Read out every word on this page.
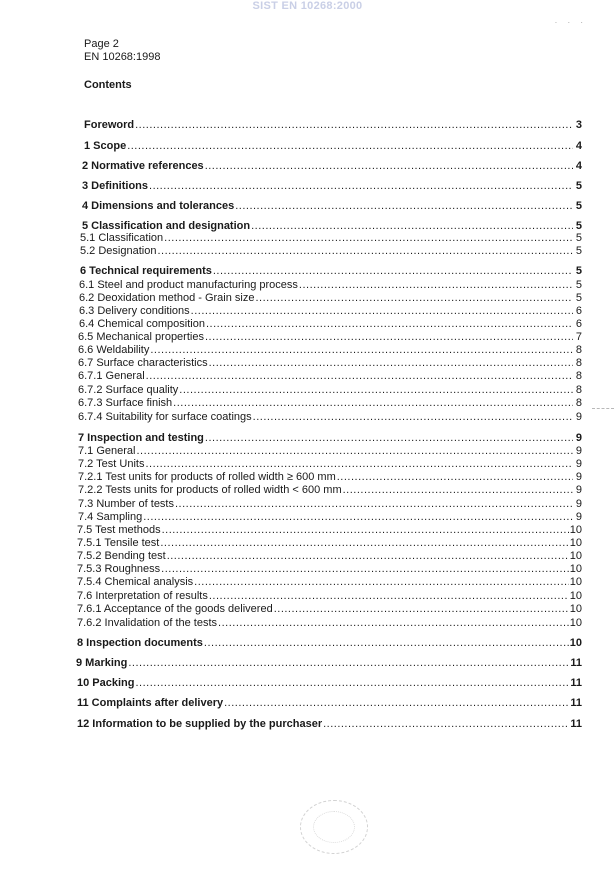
SIST EN 10268:2000
· · ·
Page 2
EN 10268:1998
Contents
Foreword .....	3
1 Scope .....	4
2 Normative references .....	4
3 Definitions .....	5
4 Dimensions and tolerances .....	5
5 Classification and designation .....	5
5.1 Classification .....	5
5.2 Designation .....	5
6 Technical requirements .....	5
6.1 Steel and product manufacturing process .....	5
6.2 Deoxidation method - Grain size .....	5
6.3 Delivery conditions .....	6
6.4 Chemical composition .....	6
6.5 Mechanical properties .....	7
6.6 Weldability .....	8
6.7 Surface characteristics .....	8
6.7.1 General .....	8
6.7.2 Surface quality .....	8
6.7.3 Surface finish .....	8
6.7.4 Suitability for surface coatings .....	9
7 Inspection and testing .....	9
7.1 General .....	9
7.2 Test Units .....	9
7.2.1 Test units for products of rolled width ≥ 600 mm .....	9
7.2.2 Tests units for products of rolled width < 600 mm .....	9
7.3 Number of tests .....	9
7.4 Sampling .....	9
7.5 Test methods .....	10
7.5.1 Tensile test .....	10
7.5.2 Bending test .....	10
7.5.3 Roughness .....	10
7.5.4 Chemical analysis .....	10
7.6 Interpretation of results .....	10
7.6.1 Acceptance of the goods delivered .....	10
7.6.2 Invalidation of the tests .....	10
8 Inspection documents .....	10
9 Marking .....	11
10 Packing .....	11
11 Complaints after delivery .....	11
12 Information to be supplied by the purchaser .....	11
